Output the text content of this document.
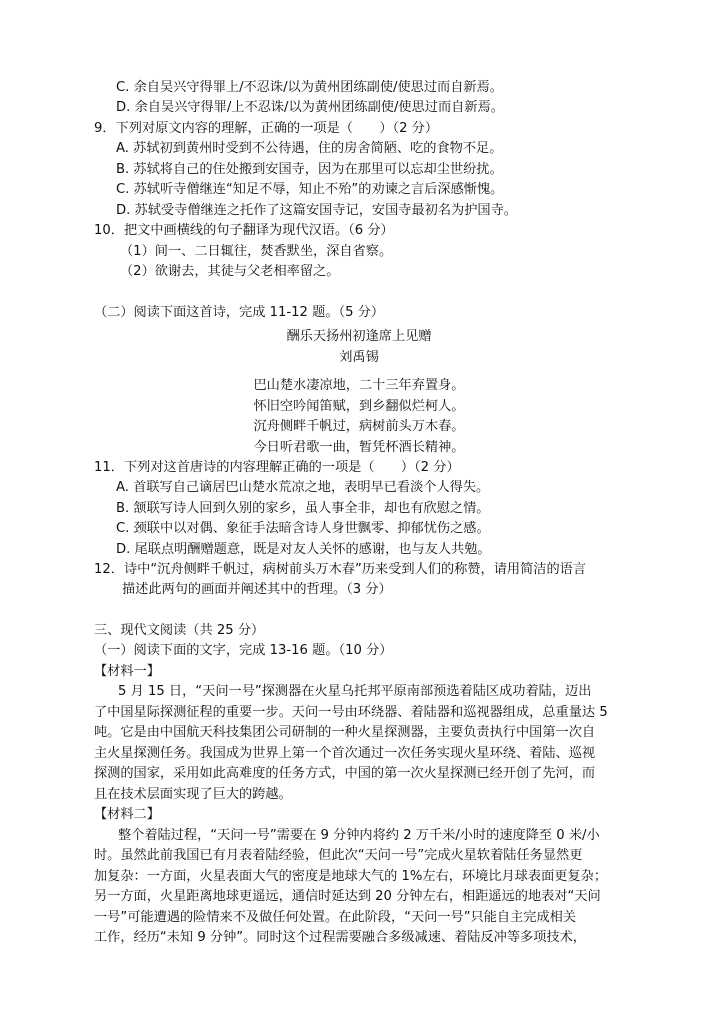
C. 余自吴兴守得罪上/不忍诛/以为黄州团练副使/使思过而自新焉。
D. 余自吴兴守得罪/上不忍诛/以为黄州团练副使/使思过而自新焉。
9．下列对原文内容的理解，正确的一项是（　　）（2 分）
A. 苏轼初到黄州时受到不公待遇，住的房舍简陋、吃的食物不足。
B. 苏轼将自己的住处搬到安国寺，因为在那里可以忘却尘世纷扰。
C. 苏轼听寺僧继连“知足不辱，知止不殆”的劝谏之言后深感惭愧。
D. 苏轼受寺僧继连之托作了这篇安国寺记，安国寺最初名为护国寺。
10．把文中画横线的句子翻译为现代汉语。（6 分）
（1）间一、二日辄往，焚香默坐，深自省察。
（2）欲谢去，其徒与父老相率留之。
（二）阅读下面这首诗，完成 11-12 题。（5 分）
酬乐天扬州初逢席上见赠
刘禹锡
巴山楚水凄凉地，二十三年弃置身。
怀旧空吟闻笛赋，到乡翻似烂柯人。
沉舟侧畔千帆过，病树前头万木春。
今日听君歌一曲，暂凭杯酒长精神。
11．下列对这首唐诗的内容理解正确的一项是（　　）（2 分）
A. 首联写自己谪居巴山楚水荒凉之地，表明早已看淡个人得失。
B. 颔联写诗人回到久别的家乡，虽人事全非，却也有欣慰之情。
C. 颈联中以对偶、象征手法暗含诗人身世飘零、抑郁忧伤之感。
D. 尾联点明酬赠题意，既是对友人关怀的感谢，也与友人共勉。
12．诗中“沉舟侧畔千帆过，病树前头万木春”历来受到人们的称赞，请用简洁的语言
描述此两句的画面并阐述其中的哲理。（3 分）
三、现代文阅读（共 25 分）
（一）阅读下面的文字，完成 13-16 题。（10 分）
【材料一】
5 月 15 日，“天问一号”探测器在火星乌托邦平原南部预选着陆区成功着陆，迈出
了中国星际探测征程的重要一步。天问一号由环绕器、着陆器和巡视器组成，总重量达 5
吨。它是由中国航天科技集团公司研制的一种火星探测器，主要负责执行中国第一次自
主火星探测任务。我国成为世界上第一个首次通过一次任务实现火星环绕、着陆、巡视
探测的国家，采用如此高难度的任务方式，中国的第一次火星探测已经开创了先河，而
且在技术层面实现了巨大的跨越。
【材料二】
整个着陆过程，“天问一号”需要在 9 分钟内将约 2 万千米/小时的速度降至 0 米/小
时。虽然此前我国已有月表着陆经验，但此次“天问一号”完成火星软着陆任务显然更
加复杂：一方面，火星表面大气的密度是地球大气的 1%左右，环境比月球表面更复杂；
另一方面，火星距离地球更遥远，通信时延达到 20 分钟左右，相距遥远的地表对“天问
一号”可能遭遇的险情来不及做任何处置。在此阶段，“天问一号”只能自主完成相关
工作，经历“未知 9 分钟”。同时这个过程需要融合多级减速、着陆反冲等多项技术，
